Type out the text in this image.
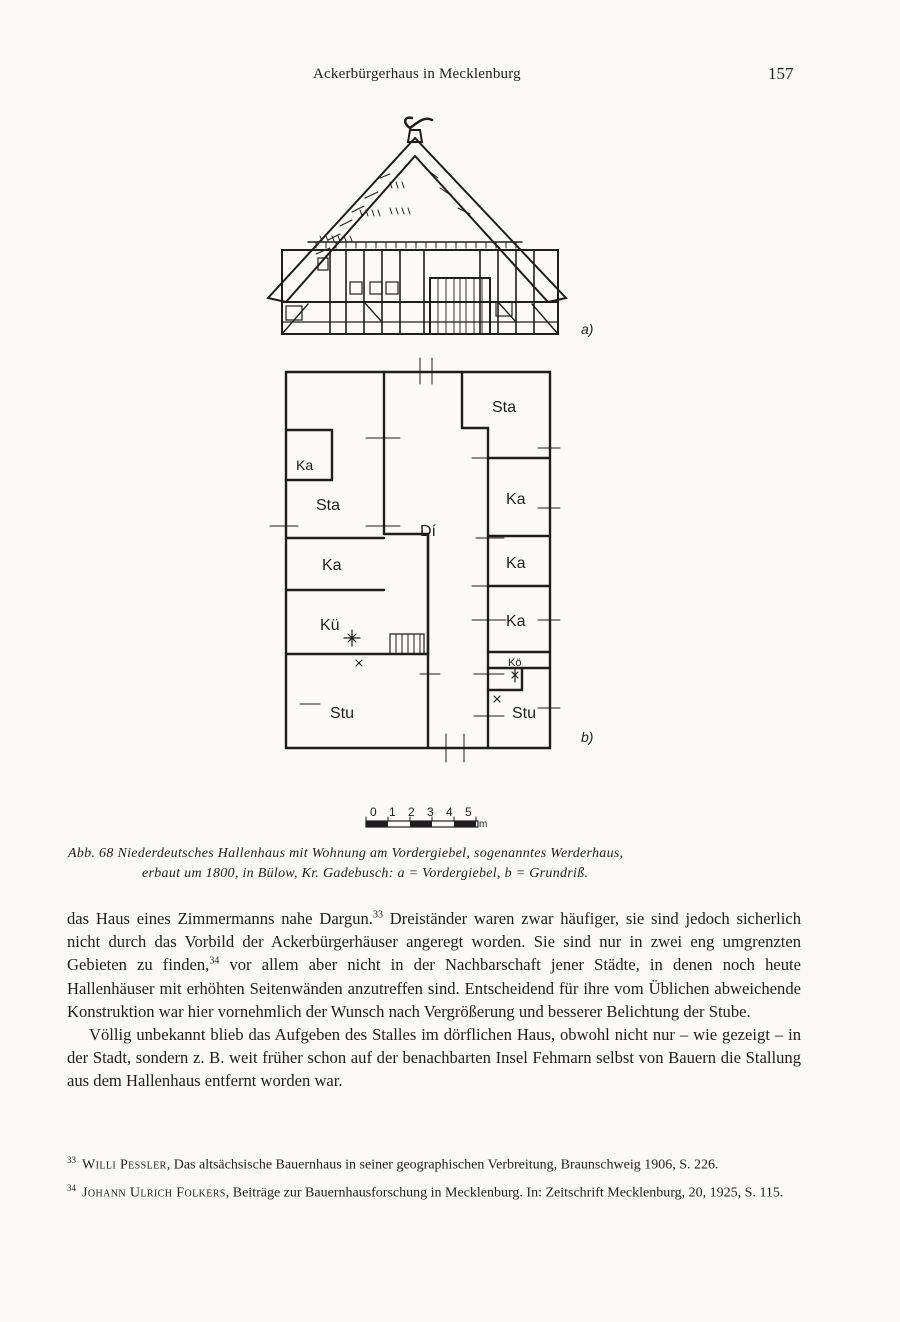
Ackerbürgerhaus in Mecklenburg	157
Sta
Ka
Sta
Dí
Ka
Ka	Ka
Kü	Ka
Kö
Stu	Stu
a)
b)
0 1 2 3 4 5
m
Abb. 68 Niederdeutsches Hallenhaus mit Wohnung am Vordergiebel, sogenanntes Werderhaus,
erbaut um 1800, in Bülow, Kr. Gadebusch: a = Vordergiebel, b = Grundriß.

das Haus eines Zimmermanns nahe Dargun.$^{33}$ Dreiständer waren zwar häufiger, sie sind jedoch sicherlich nicht durch das Vorbild der Ackerbürgerhäuser angeregt worden. Sie sind nur in zwei eng umgrenzten Gebieten zu finden,$^{34}$ vor allem aber nicht in der Nachbarschaft jener Städte, in denen noch heute Hallenhäuser mit erhöhten Seitenwänden anzutreffen sind. Entscheidend für ihre vom Üblichen abweichende Konstruktion war hier vornehmlich der Wunsch nach Vergrößerung und besserer Belichtung der Stube.

Völlig unbekannt blieb das Aufgeben des Stalles im dörflichen Haus, obwohl nicht nur – wie gezeigt – in der Stadt, sondern z. B. weit früher schon auf der benachbarten Insel Fehmarn selbst von Bauern die Stallung aus dem Hallenhaus entfernt worden war.

$^{33}$ Willi Pessler, Das altsächsische Bauernhaus in seiner geographischen Verbreitung, Braunschweig 1906, S. 226.

$^{34}$ Johann Ulrich Folkers, Beiträge zur Bauernhausforschung in Mecklenburg. In: Zeitschrift Mecklenburg, 20, 1925, S. 115.
